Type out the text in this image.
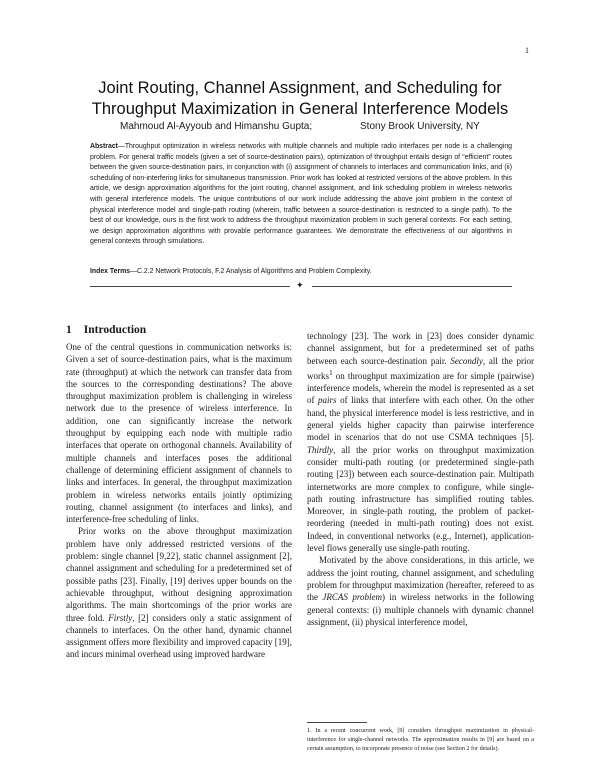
1
Joint Routing, Channel Assignment, and Scheduling for
Throughput Maximization in General Interference Models
Mahmoud Al-Ayyoub and Himanshu Gupta;	Stony Brook University, NY
Abstract—Throughput optimization in wireless networks with multiple channels and multiple radio interfaces per node is a challenging problem. For general traffic models (given a set of source-destination pairs), optimization of throughput entails design of “efficient” routes between the given source-destination pairs, in conjunction with (i) assignment of channels to interfaces and communication links, and (ii) scheduling of non-interfering links for simultaneous transmission. Prior work has looked at restricted versions of the above problem. In this article, we design approximation algorithms for the joint routing, channel assignment, and link scheduling problem in wireless networks with general interference models. The unique contributions of our work include addressing the above joint problem in the context of physical interference model and single-path routing (wherein, traffic between a source-destination is restricted to a single path). To the best of our knowledge, ours is the first work to address the throughput maximization problem in such general contexts. For each setting, we design approximation algorithms with provable performance guarantees. We demonstrate the effectiveness of our algorithms in general contexts through simulations.
Index Terms—C.2.2 Network Protocols, F.2 Analysis of Algorithms and Problem Complexity.
✦
1 Introduction

One of the central questions in communication networks is: Given a set of source-destination pairs, what is the maximum rate (throughput) at which the network can transfer data from the sources to the corresponding destinations? The above throughput maximization problem is challenging in wireless network due to the presence of wireless interference. In addition, one can significantly increase the network throughput by equipping each node with multiple radio interfaces that operate on orthogonal channels. Availability of multiple channels and interfaces poses the additional challenge of determining efficient assignment of channels to links and interfaces. In general, the throughput maximization problem in wireless networks entails jointly optimizing routing, channel assignment (to interfaces and links), and interference-free scheduling of links.

Prior works on the above throughput maximization problem have only addressed restricted versions of the problem: single channel [9,22], static channel assignment [2], channel assignment and scheduling for a predetermined set of possible paths [23]. Finally, [19] derives upper bounds on the achievable throughput, without designing approximation algorithms. The main shortcomings of the prior works are three fold. Firstly, [2] considers only a static assignment of channels to interfaces. On the other hand, dynamic channel assignment offers more flexibility and improved capacity [19], and incurs minimal overhead using improved hardware

technology [23]. The work in [23] does consider dynamic channel assignment, but for a predetermined set of paths between each source-destination pair. Secondly, all the prior works$^1$ on throughput maximization are for simple (pairwise) interference models, wherein the model is represented as a set of pairs of links that interfere with each other. On the other hand, the physical interference model is less restrictive, and in general yields higher capacity than pairwise interference model in scenarios that do not use CSMA techniques [5]. Thirdly, all the prior works on throughput maximization consider multi-path routing (or predetermined single-path routing [23]) between each source-destination pair. Multipath internetworks are more complex to configure, while single-path routing infrastructure has simplified routing tables. Moreover, in single-path routing, the problem of packet-reordering (needed in multi-path routing) does not exist. Indeed, in conventional networks (e.g., Internet), application-level flows generally use single-path routing.

Motivated by the above considerations, in this article, we address the joint routing, channel assignment, and scheduling problem for throughput maximization (hereafter, refereed to as the JRCAS problem) in wireless networks in the following general contexts: (i) multiple channels with dynamic channel assignment, (ii) physical interference model,

1. In a recent concurrent work, [9] considers throughput maximization in physical-interference for single-channel networks. The approximation results in [9] are based on a certain assumption, to incorporate presence of noise (see Section 2 for details).
